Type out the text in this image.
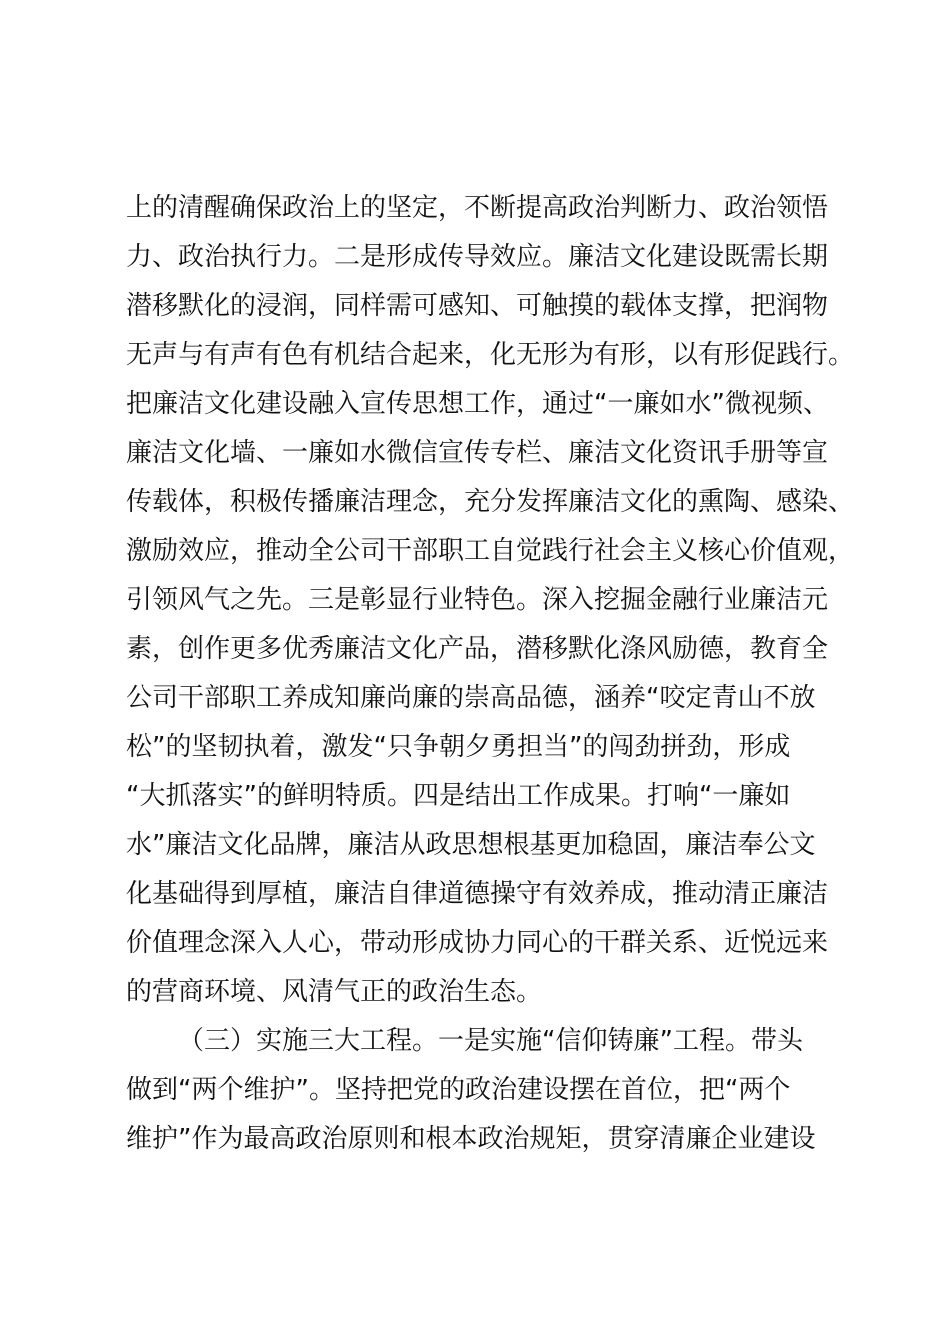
上的清醒确保政治上的坚定，不断提高政治判断力、政治领悟
力、政治执行力。二是形成传导效应。廉洁文化建设既需长期
潜移默化的浸润，同样需可感知、可触摸的载体支撑，把润物
无声与有声有色有机结合起来，化无形为有形，以有形促践行。
把廉洁文化建设融入宣传思想工作，通过“一廉如水”微视频、
廉洁文化墙、一廉如水微信宣传专栏、廉洁文化资讯手册等宣
传载体，积极传播廉洁理念，充分发挥廉洁文化的熏陶、感染、
激励效应，推动全公司干部职工自觉践行社会主义核心价值观，
引领风气之先。三是彰显行业特色。深入挖掘金融行业廉洁元
素，创作更多优秀廉洁文化产品，潜移默化涤风励德，教育全
公司干部职工养成知廉尚廉的崇高品德，涵养“咬定青山不放
松”的坚韧执着，激发“只争朝夕勇担当”的闯劲拼劲，形成
“大抓落实”的鲜明特质。四是结出工作成果。打响“一廉如
水”廉洁文化品牌，廉洁从政思想根基更加稳固，廉洁奉公文
化基础得到厚植，廉洁自律道德操守有效养成，推动清正廉洁
价值理念深入人心，带动形成协力同心的干群关系、近悦远来
的营商环境、风清气正的政治生态。
（三）实施三大工程。一是实施“信仰铸廉”工程。带头
做到“两个维护”。坚持把党的政治建设摆在首位，把“两个
维护”作为最高政治原则和根本政治规矩，贯穿清廉企业建设
